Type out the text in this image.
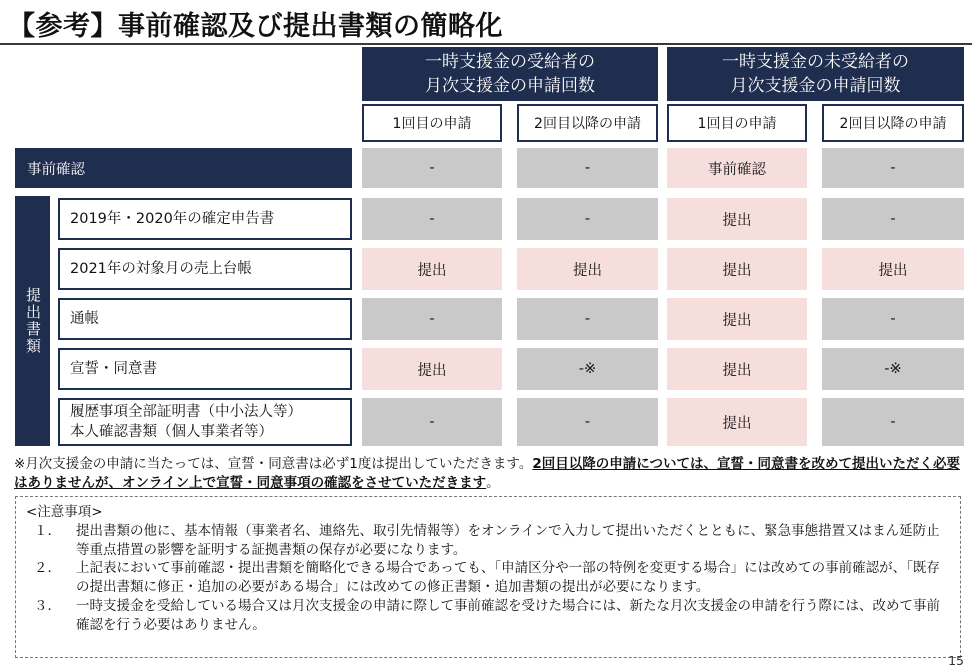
【参考】事前確認及び提出書類の簡略化
一時支援金の受給者の
月次支援金の申請回数
一時支援金の未受給者の
月次支援金の申請回数
1回目の申請	2回目以降の申請	1回目の申請	2回目以降の申請
事前確認	-	-	事前確認	-
提出書類
2019年・2020年の確定申告書	-	-	提出	-
2021年の対象月の売上台帳	提出	提出	提出	提出
通帳	-	-	提出	-
宣誓・同意書	提出	-※	提出	-※
履歴事項全部証明書（中小法人等）
本人確認書類（個人事業者等）
-	-	提出	-
※月次支援金の申請に当たっては、宣誓・同意書は必ず1度は提出していただきます。2回目以降の申請については、宣誓・同意書を改めて提出いただく必要はありませんが、オンライン上で宣誓・同意事項の確認をさせていただきます。
<注意事項>
１．	提出書類の他に、基本情報（事業者名、連絡先、取引先情報等）をオンラインで入力して提出いただくとともに、緊急事態措置又はまん延防止等重点措置の影響を証明する証拠書類の保存が必要になります。
２．	上記表において事前確認・提出書類を簡略化できる場合であっても、「申請区分や一部の特例を変更する場合」には改めての事前確認が、「既存の提出書類に修正・追加の必要がある場合」には改めての修正書類・追加書類の提出が必要になります。
３．	一時支援金を受給している場合又は月次支援金の申請に際して事前確認を受けた場合には、新たな月次支援金の申請を行う際には、改めて事前確認を行う必要はありません。
15
